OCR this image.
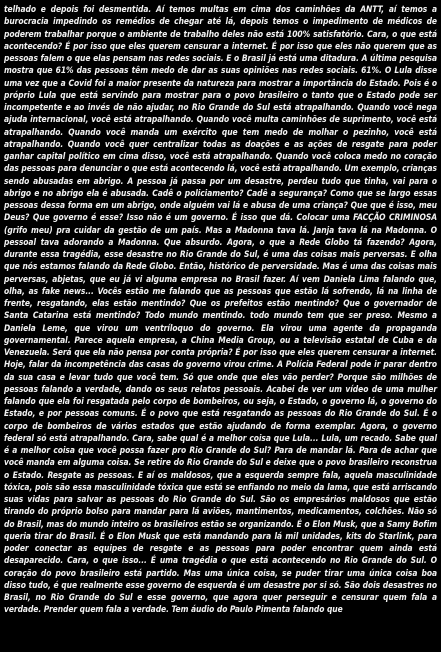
telhado e depois foi desmentida. Aí temos multas em cima dos caminhões da ANTT, aí temos a burocracia impedindo os remédios de chegar até lá, depois temos o impedimento de médicos de poderem trabalhar porque o ambiente de trabalho deles não está 100% satisfatório. Cara, o que está acontecendo? É por isso que eles querem censurar a internet. É por isso que eles não querem que as pessoas falem o que elas pensam nas redes sociais. E o Brasil já está uma ditadura. A última pesquisa mostra que 61% das pessoas têm medo de dar as suas opiniões nas redes sociais. 61%. O Lula disse uma vez que a Covid foi a maior presente da natureza para mostrar a importância do Estado. Pois é o próprio Lula que está servindo para mostrar para o povo brasileiro o tanto que o Estado pode ser incompetente e ao invés de não ajudar, no Rio Grande do Sul está atrapalhando. Quando você nega ajuda internacional, você está atrapalhando. Quando você multa caminhões de suprimento, você está atrapalhando. Quando você manda um exército que tem medo de molhar o pezinho, você está atrapalhando. Quando você quer centralizar todas as doações e as ações de resgate para poder ganhar capital político em cima disso, você está atrapalhando. Quando você coloca medo no coração das pessoas para denunciar o que está acontecendo lá, você está atrapalhando. Um exemplo, crianças sendo abusadas em abrigo. A pessoa já passa por um desastre, perdeu tudo que tinha, vai para o abrigo e no abrigo ela é abusada. Cadê o policiamento? Cadê a segurança? Como que se largo essas pessoas dessa forma em um abrigo, onde alguém vai lá e abusa de uma criança? Que que é isso, meu Deus? Que governo é esse? Isso não é um governo. É isso que dá. Colocar uma FACÇÃO CRIMINOSA (grifo meu) pra cuidar da gestão de um país. Mas a Madonna tava lá. Janja tava lá na Madonna. O pessoal tava adorando a Madonna. Que absurdo. Agora, o que a Rede Globo tá fazendo? Agora, durante essa tragédia, esse desastre no Rio Grande do Sul, é uma das coisas mais perversas. E olha que nós estamos falando da Rede Globo. Então, histórico de perversidade. Mas é uma das coisas mais perversas, abjetas, que eu já vi alguma empresa no Brasil fazer. Aí vem Daniela Lima falando que, olha, as fake news... Vocês estão me falando que as pessoas que estão lá sofrendo, lá na linha de frente, resgatando, elas estão mentindo? Que os prefeitos estão mentindo? Que o governador de Santa Catarina está mentindo? Todo mundo mentindo. todo mundo tem que ser preso. Mesmo a Daniela Leme, que virou um ventríloquo do governo. Ela virou uma agente da propaganda governamental. Parece aquela empresa, a China Media Group, ou a televisão estatal de Cuba e da Venezuela. Será que ela não pensa por conta própria? É por isso que eles querem censurar a internet. Hoje, falar da incompetência das casas do governo virou crime. A Polícia Federal pode ir parar dentro da sua casa e levar tudo que você tem. Só que onde que eles vão perder? Porque são milhões de pessoas falando a verdade, dando os seus relatos pessoais. Acabei de ver um vídeo de uma mulher falando que ela foi resgatada pelo corpo de bombeiros, ou seja, o Estado, o governo lá, o governo do Estado, e por pessoas comuns. É o povo que está resgatando as pessoas do Rio Grande do Sul. É o corpo de bombeiros de vários estados que estão ajudando de forma exemplar. Agora, o governo federal só está atrapalhando. Cara, sabe qual é a melhor coisa que Lula... Lula, um recado. Sabe qual é a melhor coisa que você possa fazer pro Rio Grande do Sul? Para de mandar lá. Para de achar que você manda em alguma coisa. Se retire do Rio Grande do Sul e deixe que o povo brasileiro reconstrua o Estado. Resgate as pessoas. E aí os maldosos, que a esquerda sempre fala, aquela masculinidade tóxica, pois são essa masculinidade tóxica que está se enfiando no meio da lama, que está arriscando suas vidas para salvar as pessoas do Rio Grande do Sul. São os empresários maldosos que estão tirando do próprio bolso para mandar para lá aviões, mantimentos, medicamentos, colchões. Não só do Brasil, mas do mundo inteiro os brasileiros estão se organizando. É o Elon Musk, que a Samy Bofim queria tirar do Brasil. É o Elon Musk que está mandando para lá mil unidades, kits do Starlink, para poder conectar as equipes de resgate e as pessoas para poder encontrar quem ainda está desaparecido. Cara, o que isso... É uma tragédia o que está acontecendo no Rio Grande do Sul. O coração do povo brasileiro está partido. Mas uma única coisa, se puder tirar uma única coisa boa disso tudo, é que realmente esse governo de esquerda é um desastre por si só. São dois desastres no Brasil, no Rio Grande do Sul e esse governo, que agora quer perseguir e censurar quem fala a verdade. Prender quem fala a verdade. Tem áudio do Paulo Pimenta falando que
